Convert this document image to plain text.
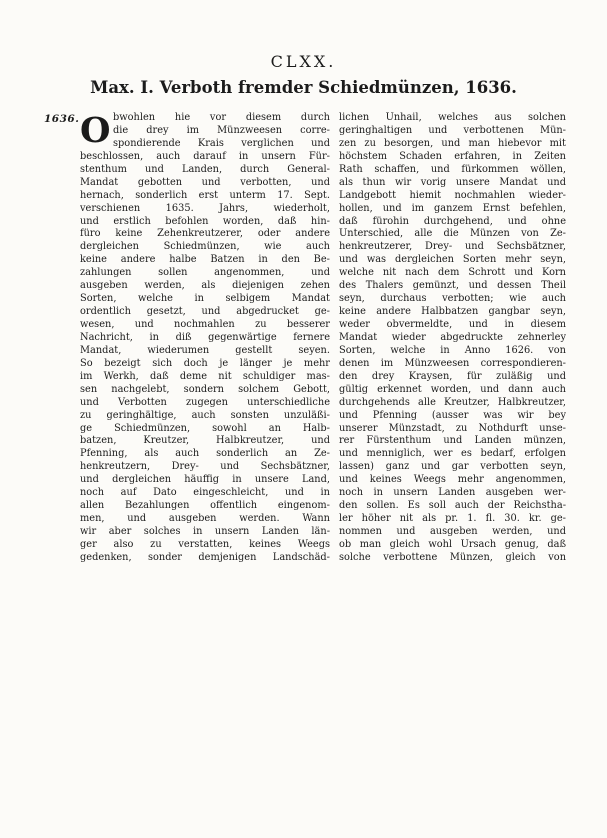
CLXX.
Max. I. Verboth fremder Schiedmünzen, 1636.
1636. O bwohlen hie vor diesem durch
die drey im Münzweesen corre-
spondierende Krais verglichen und
beschlossen, auch darauf in unsern Für-
stenthum und Landen, durch General-
Mandat gebotten und verbotten, und
hernach, sonderlich erst unterm 17. Sept.
verschienen 1635. Jahrs, wiederholt,
und erstlich befohlen worden, daß hin-
füro keine Zehenkreutzerer, oder andere
dergleichen Schiedmünzen, wie auch
keine andere halbe Batzen in den Be-
zahlungen sollen angenommen, und
ausgeben werden, als diejenigen zehen
Sorten, welche in selbigem Mandat
ordentlich gesetzt, und abgedrucket ge-
wesen, und nochmahlen zu besserer
Nachricht, in diß gegenwärtige fernere
Mandat, wiederumen gestellt seyen.
So bezeigt sich doch je länger je mehr
im Werkh, daß deme nit schuldiger mas-
sen nachgelebt, sondern solchem Gebott,
und Verbotten zugegen unterschiedliche
zu geringhältige, auch sonsten unzuläßi-
ge Schiedmünzen, sowohl an Halb-
batzen, Kreutzer, Halbkreutzer, und
Pfenning, als auch sonderlich an Ze-
henkreutzern, Drey- und Sechsbätzner,
und dergleichen häuffig in unsere Land,
noch auf Dato eingeschleicht, und in
allen Bezahlungen offentlich eingenom-
men, und ausgeben werden. Wann
wir aber solches in unsern Landen län-
ger also zu verstatten, keines Weegs
gedenken, sonder demjenigen Landschäd-
lichen Unhail, welches aus solchen
geringhaltigen und verbottenen Mün-
zen zu besorgen, und man hiebevor mit
höchstem Schaden erfahren, in Zeiten
Rath schaffen, und fürkommen wöllen,
als thun wir vorig unsere Mandat und
Landgebott hiemit nochmahlen wieder-
hollen, und im ganzem Ernst befehlen,
daß fürohin durchgehend, und ohne
Unterschied, alle die Münzen von Ze-
henkreutzerer, Drey- und Sechsbätzner,
und was dergleichen Sorten mehr seyn,
welche nit nach dem Schrott und Korn
des Thalers gemünzt, und dessen Theil
seyn, durchaus verbotten; wie auch
keine andere Halbbatzen gangbar seyn,
weder obvermeldte, und in diesem
Mandat wieder abgedruckte zehnerley
Sorten, welche in Anno 1626. von
denen im Münzweesen correspondieren-
den drey Kraysen, für zuläßig und
gültig erkennet worden, und dann auch
durchgehends alle Kreutzer, Halbkreutzer,
und Pfenning (ausser was wir bey
unserer Münzstadt, zu Nothdurft unse-
rer Fürstenthum und Landen münzen,
und menniglich, wer es bedarf, erfolgen
lassen) ganz und gar verbotten seyn,
und keines Weegs mehr angenommen,
noch in unsern Landen ausgeben wer-
den sollen. Es soll auch der Reichstha-
ler höher nit als pr. 1. fl. 30. kr. ge-
nommen und ausgeben werden, und
ob man gleich wohl Ursach genug, daß
solche verbottene Münzen, gleich von
